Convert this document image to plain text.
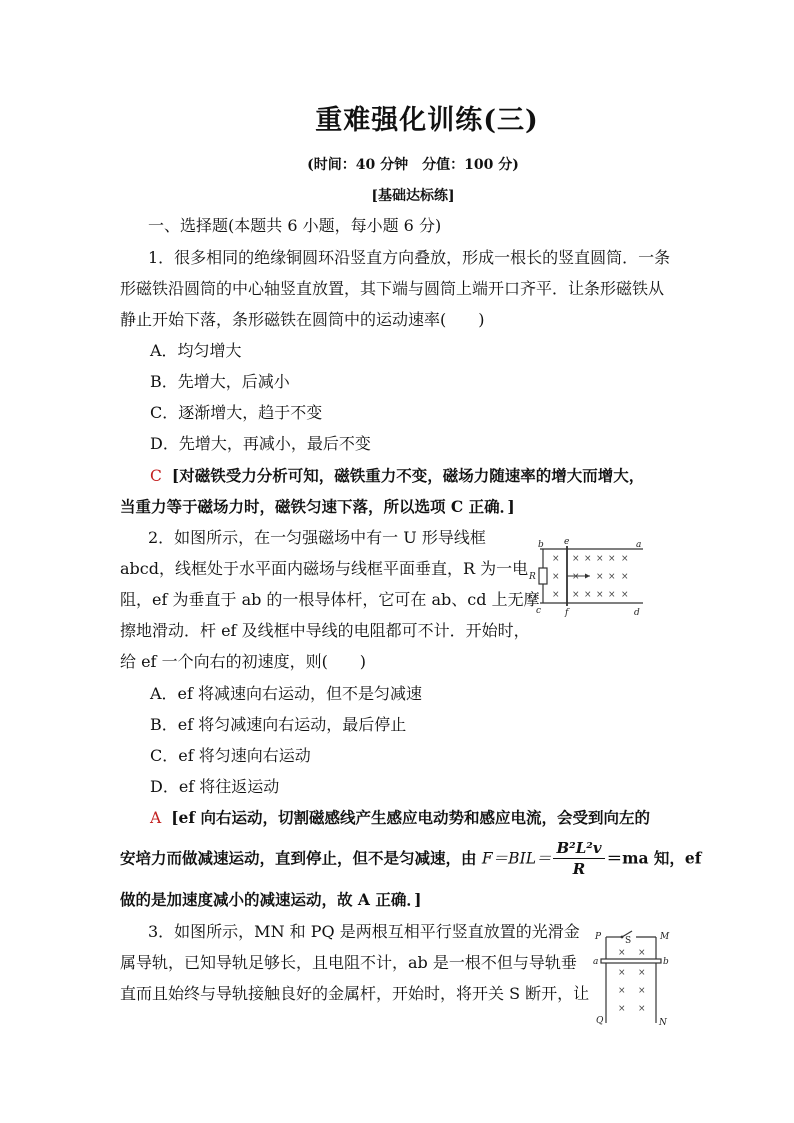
重难强化训练(三)
(时间：40 分钟　分值：100 分)
[基础达标练]
一、选择题(本题共 6 小题，每小题 6 分)
1．很多相同的绝缘铜圆环沿竖直方向叠放，形成一根长的竖直圆筒．一条
形磁铁沿圆筒的中心轴竖直放置，其下端与圆筒上端开口齐平．让条形磁铁从
静止开始下落，条形磁铁在圆筒中的运动速率(　　)
A．均匀增大
B．先增大，后减小
C．逐渐增大，趋于不变
D．先增大，再减小，最后不变
C [对磁铁受力分析可知，磁铁重力不变，磁场力随速率的增大而增大，
当重力等于磁场力时，磁铁匀速下落，所以选项 C 正确．]
2．如图所示，在一匀强磁场中有一 U 形导线框
abcd，线框处于水平面内磁场与线框平面垂直，R 为一电
阻，ef 为垂直于 ab 的一根导体杆，它可在 ab、cd 上无摩
擦地滑动．杆 ef 及线框中导线的电阻都可不计．开始时，
给 ef 一个向右的初速度，则(　　)
A．ef 将减速向右运动，但不是匀减速
B．ef 将匀减速向右运动，最后停止
C．ef 将匀速向右运动
D．ef 将往返运动
A [ef 向右运动，切割磁感线产生感应电动势和感应电流，会受到向左的
安培力而做减速运动，直到停止，但不是匀减速，由 $F=BIL= \frac{\text{B²L²v}}{R} =ma$ 知，ef
做的是加速度减小的减速运动，故 A 正确．]
× × × × × ×
× × × × ×
× × × × × ×
b e	a
R
c	f	d
3．如图所示，MN 和 PQ 是两根互相平行竖直放置的光滑金
属导轨，已知导轨足够长，且电阻不计，ab 是一根不但与导轨垂
直而且始终与导轨接触良好的金属杆，开始时，将开关 S 断开，让
× ×
× ×
× ×
× ×
P	S	M
a	b
Q	N
